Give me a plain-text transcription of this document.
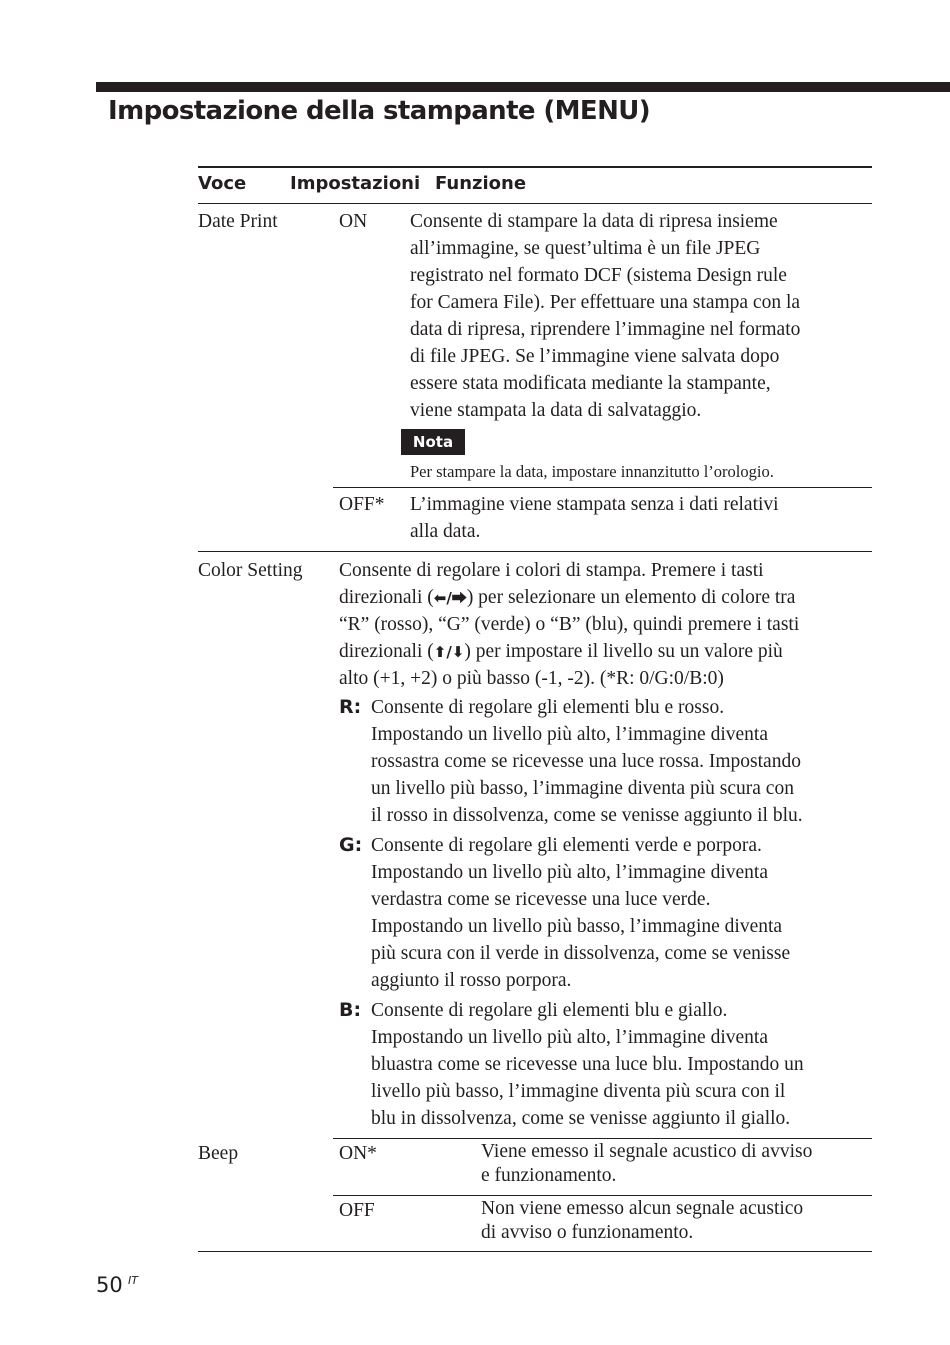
Impostazione della stampante (MENU)
Voce Impostazioni Funzione
Date Print	ON Consente di stampare la data di ripresa insieme
all’immagine, se quest’ultima è un file JPEG
registrato nel formato DCF (sistema Design rule
for Camera File). Per effettuare una stampa con la
data di ripresa, riprendere l’immagine nel formato
di file JPEG. Se l’immagine viene salvata dopo
essere stata modificata mediante la stampante,
viene stampata la data di salvataggio.
Nota
Per stampare la data, impostare innanzitutto l’orologio.
OFF* L’immagine viene stampata senza i dati relativi
alla data.
Color Setting Consente di regolare i colori di stampa. Premere i tasti
direzionali (⬅/⮕) per selezionare un elemento di colore tra
“R” (rosso), “G” (verde) o “B” (blu), quindi premere i tasti
direzionali (⬆/⬇) per impostare il livello su un valore più
alto (+1, +2) o più basso (-1, -2). (*R: 0/G:0/B:0)
R: Consente di regolare gli elementi blu e rosso.
Impostando un livello più alto, l’immagine diventa
rossastra come se ricevesse una luce rossa. Impostando
un livello più basso, l’immagine diventa più scura con
il rosso in dissolvenza, come se venisse aggiunto il blu.
G: Consente di regolare gli elementi verde e porpora.
Impostando un livello più alto, l’immagine diventa
verdastra come se ricevesse una luce verde.
Impostando un livello più basso, l’immagine diventa
più scura con il verde in dissolvenza, come se venisse
aggiunto il rosso porpora.
B: Consente di regolare gli elementi blu e giallo.
Impostando un livello più alto, l’immagine diventa
bluastra come se ricevesse una luce blu. Impostando un
livello più basso, l’immagine diventa più scura con il
blu in dissolvenza, come se venisse aggiunto il giallo.
Beep	ON*	Viene emesso il segnale acustico di avviso
e funzionamento.
OFF	Non viene emesso alcun segnale acustico
di avviso o funzionamento.
50 IT
